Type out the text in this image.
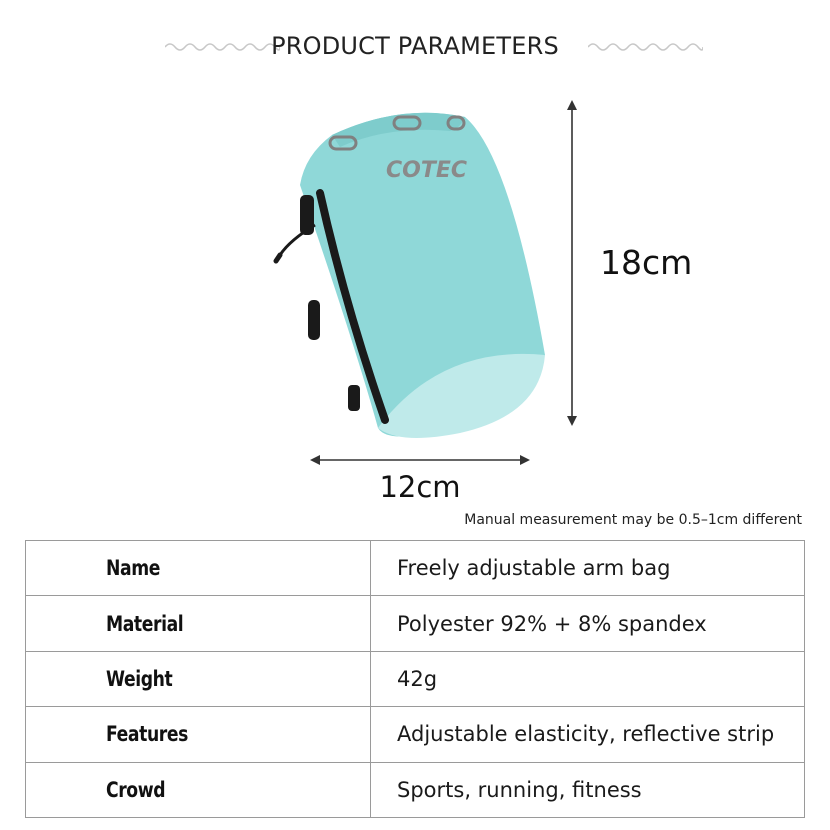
PRODUCT PARAMETERS
COTEC
18cm
12cm
Manual measurement may be 0.5–1cm different
Name	Freely adjustable arm bag
Material	Polyester 92% + 8% spandex
Weight	42g
Features	Adjustable elasticity, reflective strip
Crowd	Sports, running, fitness
